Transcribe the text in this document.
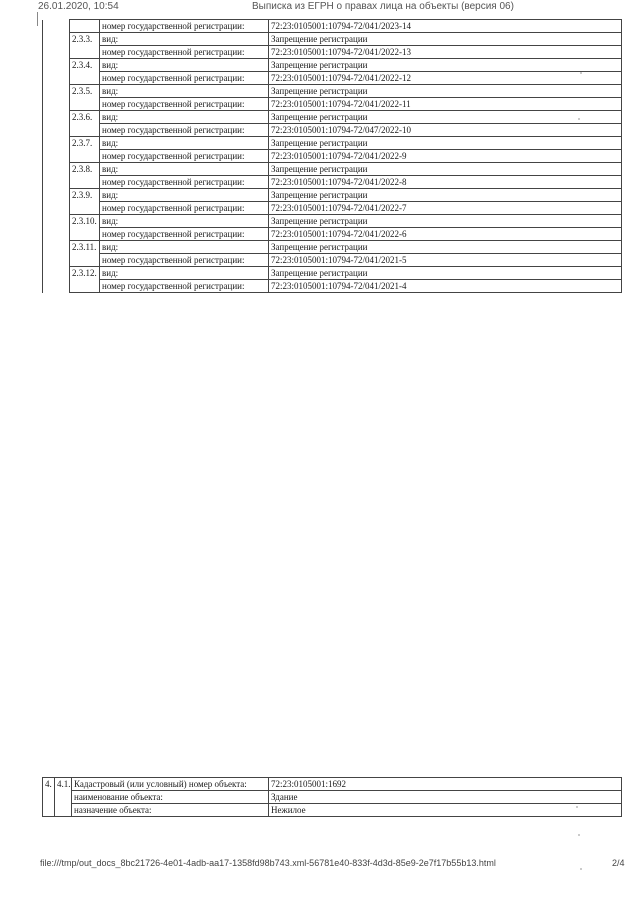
26.01.2020, 10:54	Выписка из ЕГРН о правах лица на объекты (версия 06)
		номер государственной регистрации:	72:23:0105001:10794-72/041/2023-14
	2.3.3.	вид:	Запрещение регистрации
		номер государственной регистрации:	72:23:0105001:10794-72/041/2022-13
	2.3.4.	вид:	Запрещение регистрации
		номер государственной регистрации:	72:23:0105001:10794-72/041/2022-12
	2.3.5.	вид:	Запрещение регистрации
		номер государственной регистрации:	72:23:0105001:10794-72/041/2022-11
	2.3.6.	вид:	Запрещение регистрации
		номер государственной регистрации:	72:23:0105001:10794-72/047/2022-10
	2.3.7.	вид:	Запрещение регистрации
		номер государственной регистрации:	72:23:0105001:10794-72/041/2022-9
	2.3.8.	вид:	Запрещение регистрации
		номер государственной регистрации:	72:23:0105001:10794-72/041/2022-8
	2.3.9.	вид:	Запрещение регистрации
		номер государственной регистрации:	72:23:0105001:10794-72/041/2022-7
	2.3.10.	вид:	Запрещение регистрации
		номер государственной регистрации:	72:23:0105001:10794-72/041/2022-6
	2.3.11.	вид:	Запрещение регистрации
		номер государственной регистрации:	72:23:0105001:10794-72/041/2021-5
	2.3.12.	вид:	Запрещение регистрации
		номер государственной регистрации:	72:23:0105001:10794-72/041/2021-4
4.	4.1.	Кадастровый (или условный) номер объекта:	72:23:0105001:1692
		наименование объекта:	Здание
		назначение объекта:	Нежилое
file:///tmp/out_docs_8bc21726-4e01-4adb-aa17-1358fd98b743.xml-56781e40-833f-4d3d-85e9-2e7f17b55b13.html	2/4
